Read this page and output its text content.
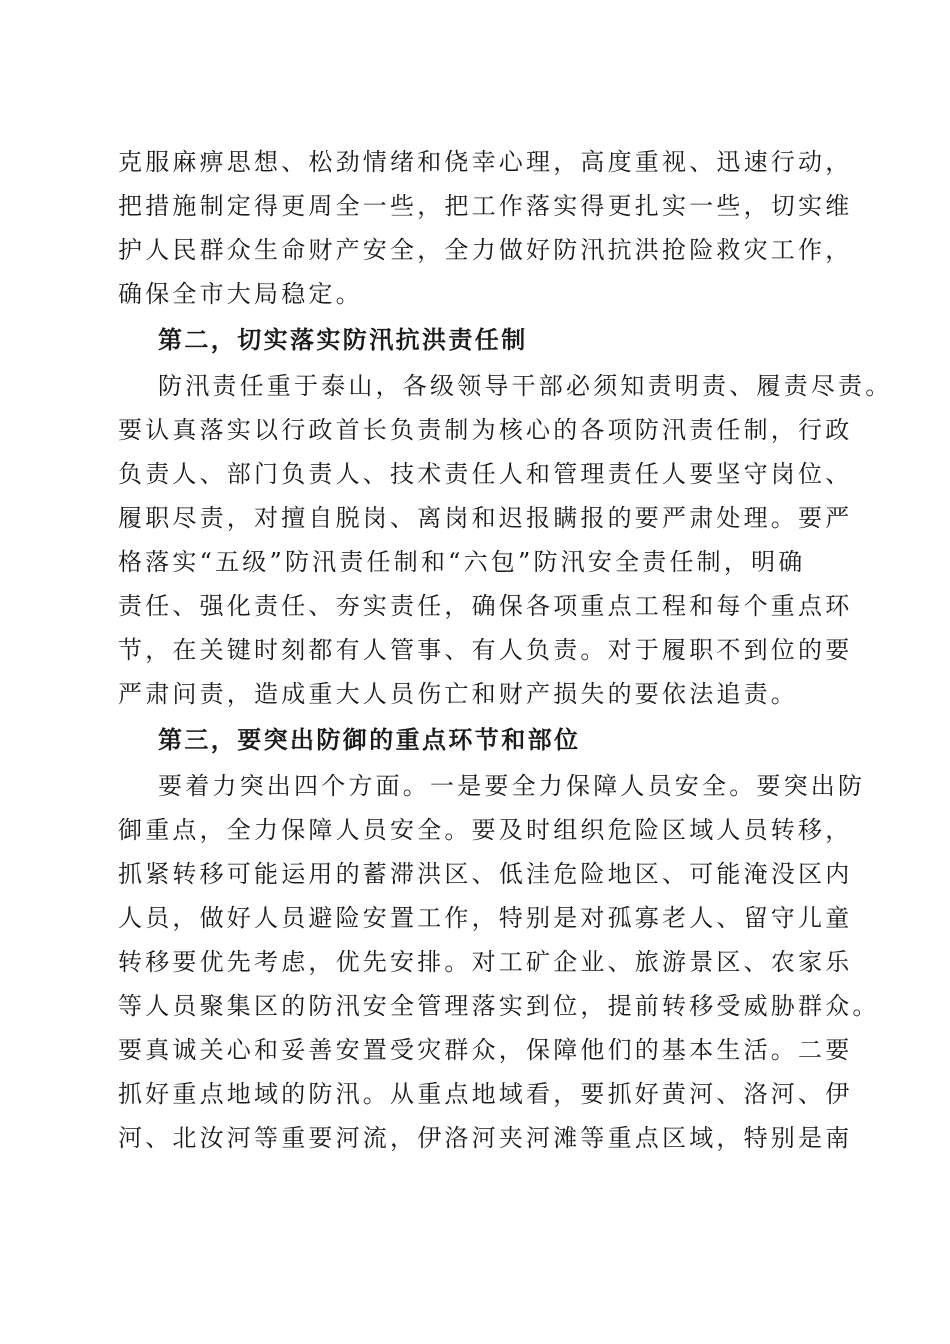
克服麻痹思想、松劲情绪和侥幸心理，高度重视、迅速行动，

把措施制定得更周全一些，把工作落实得更扎实一些，切实维

护人民群众生命财产安全，全力做好防汛抗洪抢险救灾工作，

确保全市大局稳定。

第二，切实落实防汛抗洪责任制

防汛责任重于泰山，各级领导干部必须知责明责、履责尽责。

要认真落实以行政首长负责制为核心的各项防汛责任制，行政

负责人、部门负责人、技术责任人和管理责任人要坚守岗位、

履职尽责，对擅自脱岗、离岗和迟报瞒报的要严肃处理。要严

格落实“五级”防汛责任制和“六包”防汛安全责任制，明确

责任、强化责任、夯实责任，确保各项重点工程和每个重点环

节，在关键时刻都有人管事、有人负责。对于履职不到位的要

严肃问责，造成重大人员伤亡和财产损失的要依法追责。

第三，要突出防御的重点环节和部位

要着力突出四个方面。一是要全力保障人员安全。要突出防

御重点，全力保障人员安全。要及时组织危险区域人员转移，

抓紧转移可能运用的蓄滞洪区、低洼危险地区、可能淹没区内

人员，做好人员避险安置工作，特别是对孤寡老人、留守儿童

转移要优先考虑，优先安排。对工矿企业、旅游景区、农家乐

等人员聚集区的防汛安全管理落实到位，提前转移受威胁群众。

要真诚关心和妥善安置受灾群众，保障他们的基本生活。二要

抓好重点地域的防汛。从重点地域看，要抓好黄河、洛河、伊

河、北汝河等重要河流，伊洛河夹河滩等重点区域，特别是南
